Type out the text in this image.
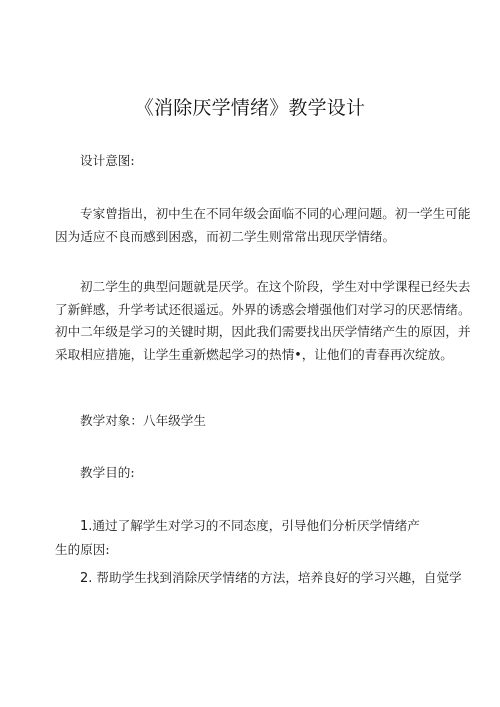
《消除厌学情绪》教学设计

设计意图:

专家曾指出，初中生在不同年级会面临不同的心理问题。初一学生可能
因为适应不良而感到困惑，而初二学生则常常出现厌学情绪。

初二学生的典型问题就是厌学。在这个阶段，学生对中学课程已经失去
了新鲜感，升学考试还很遥远。外界的诱惑会增强他们对学习的厌恶情绪。
初中二年级是学习的关键时期，因此我们需要找出厌学情绪产生的原因，并
采取相应措施，让学生重新燃起学习的热情•，让他们的青春再次绽放。

教学对象：八年级学生

教学目的:

1.通过了解学生对学习的不同态度，引导他们分析厌学情绪产
生的原因:

2. 帮助学生找到消除厌学情绪的方法，培养良好的学习兴趣，自觉学
